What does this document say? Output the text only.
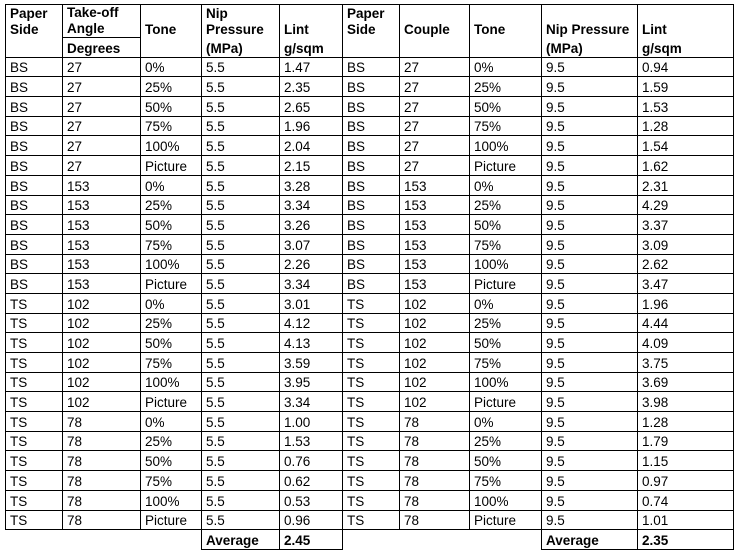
Paper Side	Take-off Angle	Tone	Nip Pressure	Lint	Paper Side	Couple	Tone	Nip Pressure	Lint
	Degrees		(MPa)	g/sqm				(MPa)	g/sqm
BS	27	0%	5.5	1.47	BS	27	0%	9.5	0.94
BS	27	25%	5.5	2.35	BS	27	25%	9.5	1.59
BS	27	50%	5.5	2.65	BS	27	50%	9.5	1.53
BS	27	75%	5.5	1.96	BS	27	75%	9.5	1.28
BS	27	100%	5.5	2.04	BS	27	100%	9.5	1.54
BS	27	Picture	5.5	2.15	BS	27	Picture	9.5	1.62
BS	153	0%	5.5	3.28	BS	153	0%	9.5	2.31
BS	153	25%	5.5	3.34	BS	153	25%	9.5	4.29
BS	153	50%	5.5	3.26	BS	153	50%	9.5	3.37
BS	153	75%	5.5	3.07	BS	153	75%	9.5	3.09
BS	153	100%	5.5	2.26	BS	153	100%	9.5	2.62
BS	153	Picture	5.5	3.34	BS	153	Picture	9.5	3.47
TS	102	0%	5.5	3.01	TS	102	0%	9.5	1.96
TS	102	25%	5.5	4.12	TS	102	25%	9.5	4.44
TS	102	50%	5.5	4.13	TS	102	50%	9.5	4.09
TS	102	75%	5.5	3.59	TS	102	75%	9.5	3.75
TS	102	100%	5.5	3.95	TS	102	100%	9.5	3.69
TS	102	Picture	5.5	3.34	TS	102	Picture	9.5	3.98
TS	78	0%	5.5	1.00	TS	78	0%	9.5	1.28
TS	78	25%	5.5	1.53	TS	78	25%	9.5	1.79
TS	78	50%	5.5	0.76	TS	78	50%	9.5	1.15
TS	78	75%	5.5	0.62	TS	78	75%	9.5	0.97
TS	78	100%	5.5	0.53	TS	78	100%	9.5	0.74
TS	78	Picture	5.5	0.96	TS	78	Picture	9.5	1.01
			Average	2.45				Average	2.35
